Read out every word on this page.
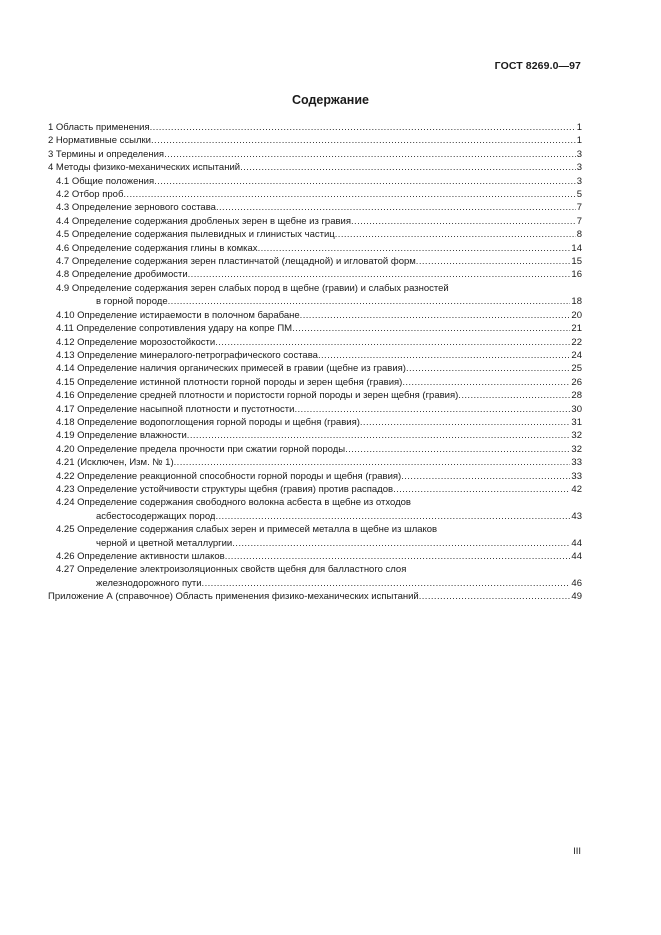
ГОСТ 8269.0—97
Содержание
1 Область применения .....	1
2 Нормативные ссылки .....	1
3 Термины и определения .....	3
4 Методы физико-механических испытаний .....	3
4.1 Общие положения .....	3
4.2 Отбор проб .....	5
4.3 Определение зернового состава .....	7
4.4 Определение содержания дробленых зерен в щебне из гравия .....	7
4.5 Определение содержания пылевидных и глинистых частиц .....	8
4.6 Определение содержания глины в комках .....	14
4.7 Определение содержания зерен пластинчатой (лещадной) и игловатой форм .....	15
4.8 Определение дробимости .....	16
4.9 Определение содержания зерен слабых пород в щебне (гравии) и слабых разностей
в горной породе .....	18
4.10 Определение истираемости в полочном барабане .....	20
4.11 Определение сопротивления удару на копре ПМ .....	21
4.12 Определение морозостойкости .....	22
4.13 Определение минералого-петрографического состава .....	24
4.14 Определение наличия органических примесей в гравии (щебне из гравия) .....	25
4.15 Определение истинной плотности горной породы и зерен щебня (гравия) .....	26
4.16 Определение средней плотности и пористости горной породы и зерен щебня (гравия) .....	28
4.17 Определение насыпной плотности и пустотности .....	30
4.18 Определение водопоглощения горной породы и щебня (гравия) .....	31
4.19 Определение влажности .....	32
4.20 Определение предела прочности при сжатии горной породы .....	32
4.21 (Исключен, Изм. № 1) .....	33
4.22 Определение реакционной способности горной породы и щебня (гравия) .....	33
4.23 Определение устойчивости структуры щебня (гравия) против распадов .....	42
4.24 Определение содержания свободного волокна асбеста в щебне из отходов
асбестосодержащих пород .....	43
4.25 Определение содержания слабых зерен и примесей металла в щебне из шлаков
черной и цветной металлургии .....	44
4.26 Определение активности шлаков .....	44
4.27 Определение электроизоляционных свойств щебня для балластного слоя
железнодорожного пути .....	46
Приложение А (справочное) Область применения физико-механических испытаний .....	49
III
